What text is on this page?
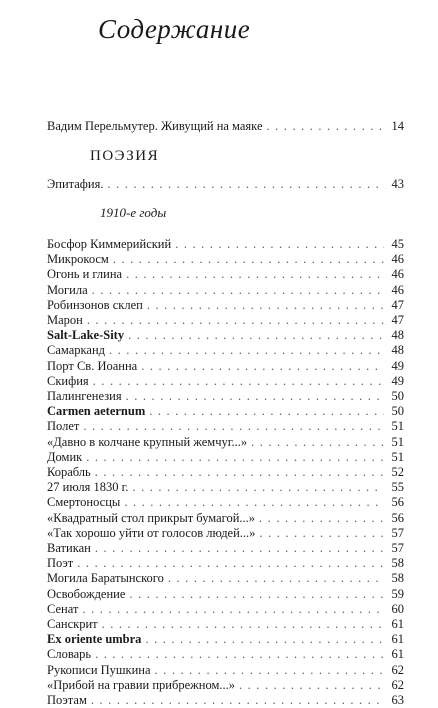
Содержание
Вадим Перельмутер. Живущий на маяке . . .	14
ПОЭЗИЯ
Эпитафия. . . .	43
1910-е годы
Босфор Киммерийский . . .	45
Микрокосм . . .	46
Огонь и глина . . .	46
Могила . . .	46
Робинзонов склеп . . .	47
Марон . . .	47
Salt-Lake-Sity . . .	48
Самарканд . . .	48
Порт Св. Иоанна . . .	49
Скифия . . .	49
Палингенезия . . .	50
Carmen aeternum . . .	50
Полет . . .	51
«Давно в колчане крупный жемчуг...» . . .	51
Домик . . .	51
Корабль . . .	52
27 июля 1830 г. . . .	55
Смертоносцы . . .	56
«Квадратный стол прикрыт бумагой...» . . .	56
«Так хорошо уйти от голосов людей...» . . .	57
Ватикан . . .	57
Поэт . . .	58
Могила Баратынского . . .	58
Освобождение . . .	59
Сенат . . .	60
Санскрит . . .	61
Ex oriente umbra . . .	61
Словарь . . .	61
Рукописи Пушкина . . .	62
«Прибой на гравии прибрежном...» . . .	62
Поэтам . . .	63
